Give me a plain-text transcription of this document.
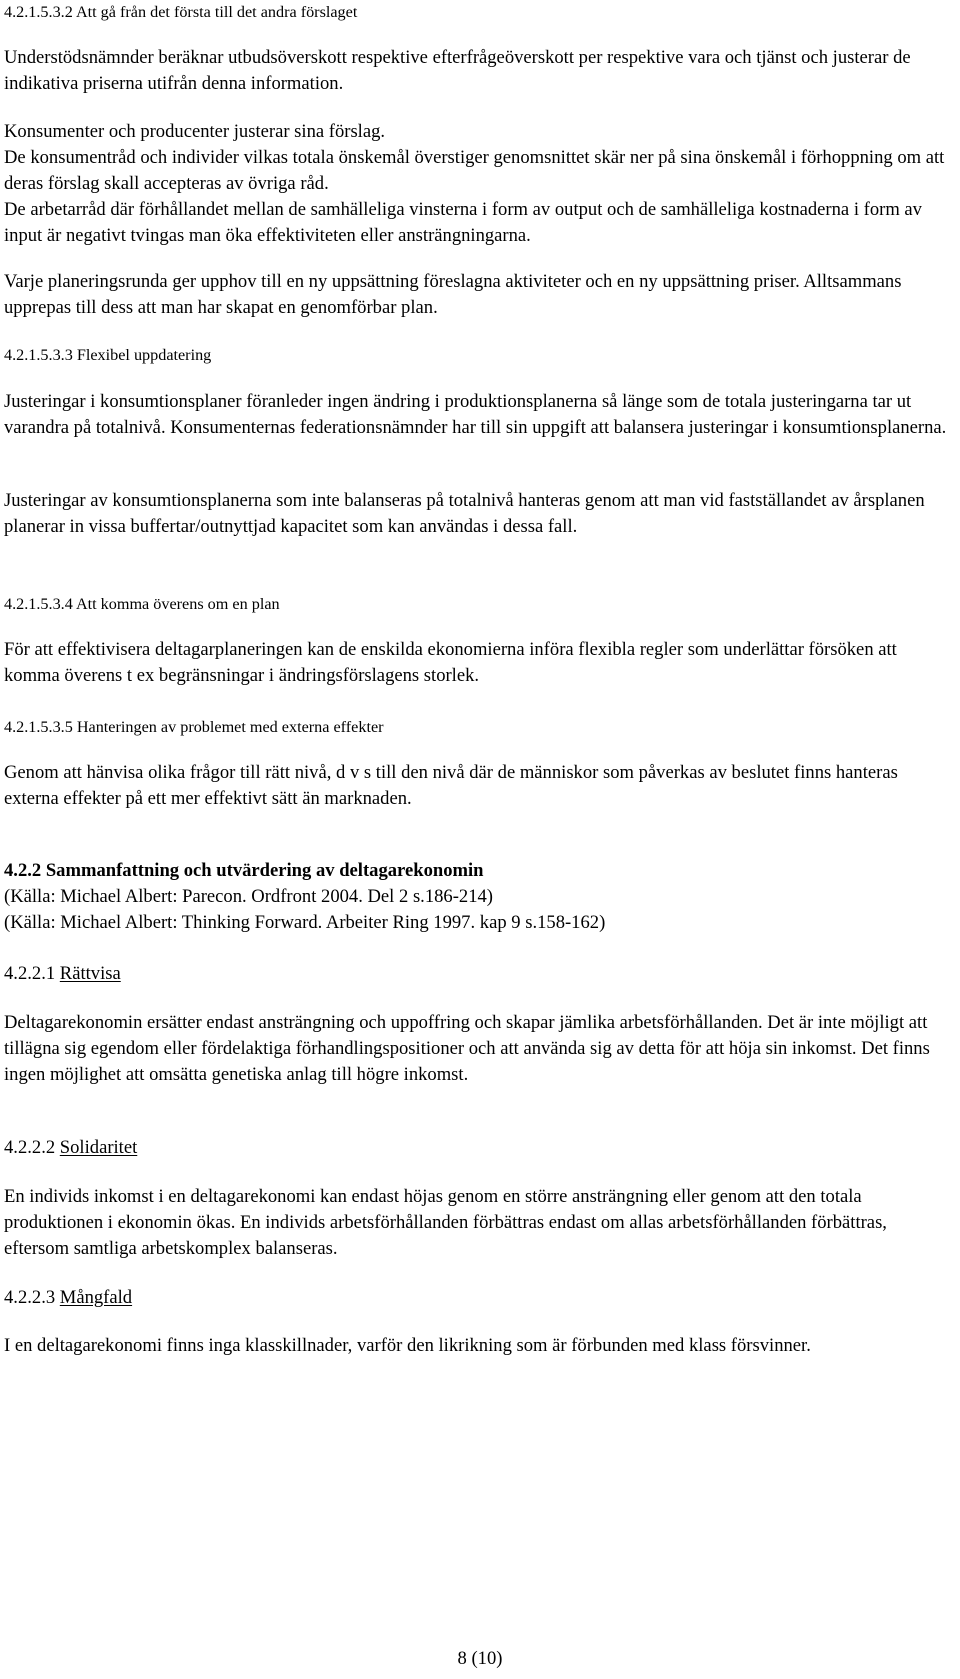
4.2.1.5.3.2 Att gå från det första till det andra förslaget

Understödsnämnder beräknar utbudsöverskott respektive efterfrågeöverskott per respektive vara och tjänst och justerar de indikativa priserna utifrån denna information.

Konsumenter och producenter justerar sina förslag.
De konsumentråd och individer vilkas totala önskemål överstiger genomsnittet skär ner på sina önskemål i förhoppning om att deras förslag skall accepteras av övriga råd.
De arbetarråd där förhållandet mellan de samhälleliga vinsterna i form av output och de samhälleliga kostnaderna i form av input är negativt tvingas man öka effektiviteten eller ansträngningarna.

Varje planeringsrunda ger upphov till en ny uppsättning föreslagna aktiviteter och en ny uppsättning priser. Alltsammans upprepas till dess att man har skapat en genomförbar plan.

4.2.1.5.3.3 Flexibel uppdatering

Justeringar i konsumtionsplaner föranleder ingen ändring i produktionsplanerna så länge som de totala justeringarna tar ut varandra på totalnivå. Konsumenternas federationsnämnder har till sin uppgift att balansera justeringar i konsumtionsplanerna.

Justeringar av konsumtionsplanerna som inte balanseras på totalnivå hanteras genom att man vid fastställandet av årsplanen planerar in vissa buffertar/outnyttjad kapacitet som kan användas i dessa fall.

4.2.1.5.3.4 Att komma överens om en plan

För att effektivisera deltagarplaneringen kan de enskilda ekonomierna införa flexibla regler som underlättar försöken att komma överens t ex begränsningar i ändringsförslagens storlek.

4.2.1.5.3.5 Hanteringen av problemet med externa effekter

Genom att hänvisa olika frågor till rätt nivå, d v s till den nivå där de människor som påverkas av beslutet finns hanteras externa effekter på ett mer effektivt sätt än marknaden.

4.2.2 Sammanfattning och utvärdering av deltagarekonomin
(Källa: Michael Albert: Parecon. Ordfront 2004. Del 2 s.186-214)
(Källa: Michael Albert: Thinking Forward. Arbeiter Ring 1997. kap 9 s.158-162)
4.2.2.1 Rättvisa

Deltagarekonomin ersätter endast ansträngning och uppoffring och skapar jämlika arbetsförhållanden. Det är inte möjligt att tillägna sig egendom eller fördelaktiga förhandlingspositioner och att använda sig av detta för att höja sin inkomst. Det finns ingen möjlighet att omsätta genetiska anlag till högre inkomst.

4.2.2.2 Solidaritet

En individs inkomst i en deltagarekonomi kan endast höjas genom en större ansträngning eller genom att den totala produktionen i ekonomin ökas. En individs arbetsförhållanden förbättras endast om allas arbetsförhållanden förbättras, eftersom samtliga arbetskomplex balanseras.

4.2.2.3 Mångfald

I en deltagarekonomi finns inga klasskillnader, varför den likrikning som är förbunden med klass försvinner.

8 (10)
